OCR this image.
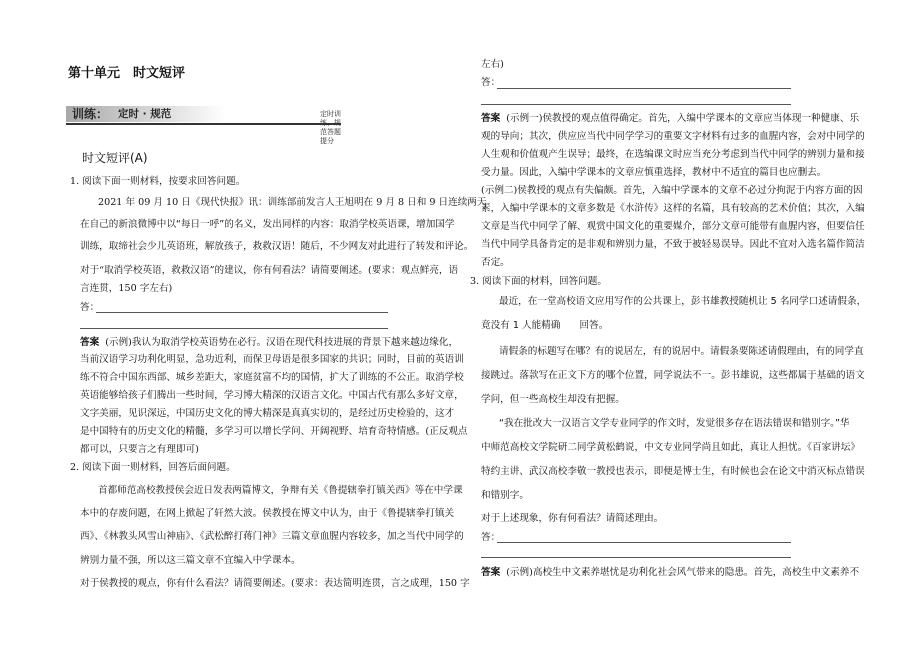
第十单元　时文短评
训练： 定时 · 规范	定时训练、规范答题提分
时文短评(A)
1. 阅读下面一则材料，按要求回答问题。
2021 年 09 月 10 日《现代快报》讯：训练部前发言人王旭明在 9 月 8 日和 9 日连续两天
在自己的新浪微博中以“每日一呼”的名义，发出同样的内容：取消学校英语课，增加国学
训练，取缔社会少儿英语班，解放孩子，救救汉语！随后，不少网友对此进行了转发和评论。
对于“取消学校英语，救救汉语”的建议，你有何看法？请简要阐述。(要求：观点鲜亮，语
言连贯，150 字左右)
答：
答案 (示例)我认为取消学校英语势在必行。汉语在现代科技进展的背景下越来越边缘化，
当前汉语学习功利化明显，急功近利，而保卫母语是很多国家的共识；同时，目前的英语训
练不符合中国东西部、城乡差距大，家庭贫富不均的国情，扩大了训练的不公正。取消学校
英语能够给孩子们腾出一些时间，学习博大精深的汉语言文化。中国古代有那么多好文章，
文字美丽，见识深远，中国历史文化的博大精深是真真实切的，是经过历史检验的，这才
是中国特有的历史文化的精髓，多学习可以增长学问、开阔视野、培育奇特情感。(正反观点
都可以，只要言之有理即可)
2. 阅读下面一则材料，回答后面问题。
首都师范高校教授侯会近日发表两篇博文，争辩有关《鲁提辖拳打镇关西》等在中学课
本中的存废问题，在网上掀起了轩然大波。侯教授在博文中认为，由于《鲁提辖拳打镇关
西》、《林教头风雪山神庙》、《武松醉打蒋门神》三篇文章血腥内容较多，加之当代中同学的
辨别力量不强，所以这三篇文章不宜编入中学课本。
对于侯教授的观点，你有什么看法？请简要阐述。(要求：表达简明连贯，言之成理，150 字
左右)
答：
答案 (示例一)侯教授的观点值得确定。首先，入编中学课本的文章应当体现一种健康、乐
观的导向；其次，供应应当代中同学学习的重要文字材料有过多的血腥内容，会对中同学的
人生观和价值观产生误导；最终，在选编课文时应当充分考虑到当代中同学的辨别力量和接
受力量。因此，入编中学课本的文章应慎重选择，教材中不适宜的篇目也应删去。
(示例二)侯教授的观点有失偏颇。首先，入编中学课本的文章不必过分拘泥于内容方面的因
素，入编中学课本的文章多数是《水浒传》这样的名篇，具有较高的艺术价值；其次，入编
文章是当代中同学了解、观赏中国文化的重要媒介，部分文章可能带有血腥内容，但要信任
当代中同学具备肯定的是非观和辨别力量，不致于被轻易误导。因此不宜对入选名篇作简洁
否定。
3. 阅读下面的材料，回答问题。
最近，在一堂高校语文应用写作的公共课上，彭书雄教授随机让 5 名同学口述请假条，
竟没有 1 人能精确　　回答。
请假条的标题写在哪？有的说居左，有的说居中。请假条要陈述请假理由，有的同学直
接跳过。落款写在正文下方的哪个位置，同学说法不一。彭书雄说，这些都属于基础的语文
学问，但一些高校生却没有把握。
“我在批改大一汉语言文学专业同学的作文时，发觉很多存在语法错误和错别字。”华
中师范高校文学院研二同学黄松鹤说，中文专业同学尚且如此，真让人担忧。《百家讲坛》
特约主讲、武汉高校李敬一教授也表示，即便是博士生，有时候也会在论文中消灭标点错误
和错别字。
对于上述现象，你有何看法？请简述理由。
答：
答案 (示例)高校生中文素养堪忧是功利化社会风气带来的隐患。首先，高校生中文素养不
